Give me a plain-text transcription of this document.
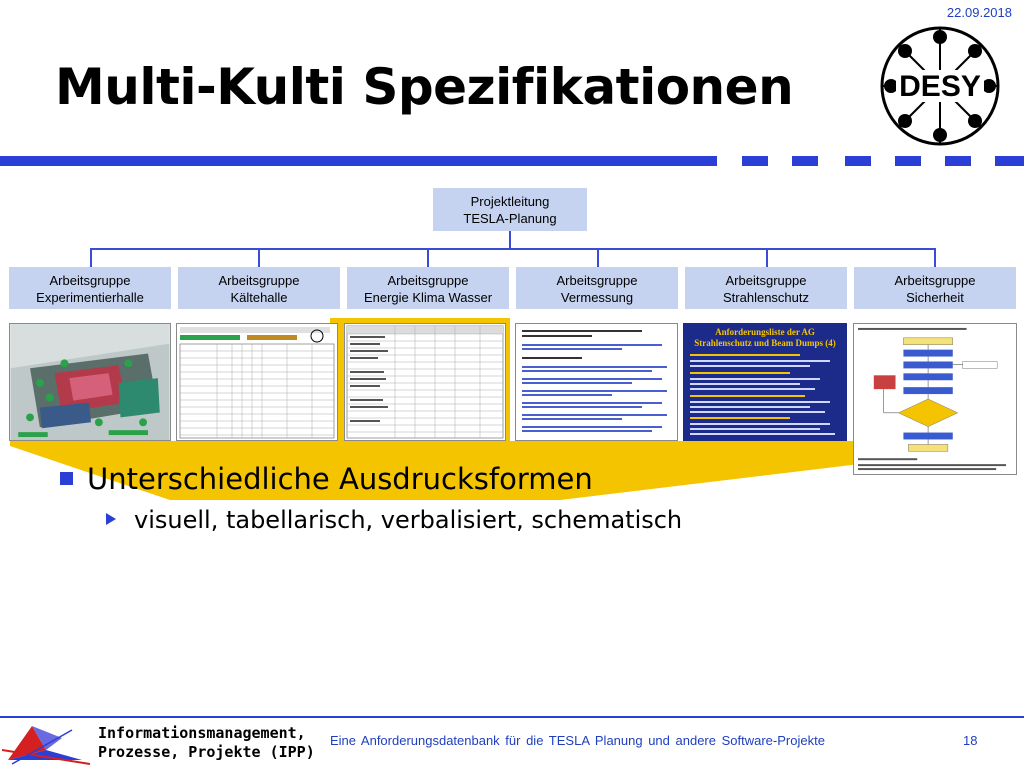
22.09.2018
Multi-Kulti Spezifikationen	DESY
Projektleitung
TESLA-Planung
Arbeitsgruppe
Experimentierhalle
Arbeitsgruppe
Kältehalle
Arbeitsgruppe
Energie Klima Wasser
Arbeitsgruppe
Vermessung
Arbeitsgruppe
Strahlenschutz
Arbeitsgruppe
Sicherheit
Anforderungsliste der AG
Strahlenschutz und Beam Dumps (4)
Unterschiedliche Ausdrucksformen
visuell, tabellarisch, verbalisiert, schematisch
Informationsmanagement,
Prozesse, Projekte (IPP)
Eine Anforderungsdatenbank für die TESLA Planung und andere Software-Projekte	18
